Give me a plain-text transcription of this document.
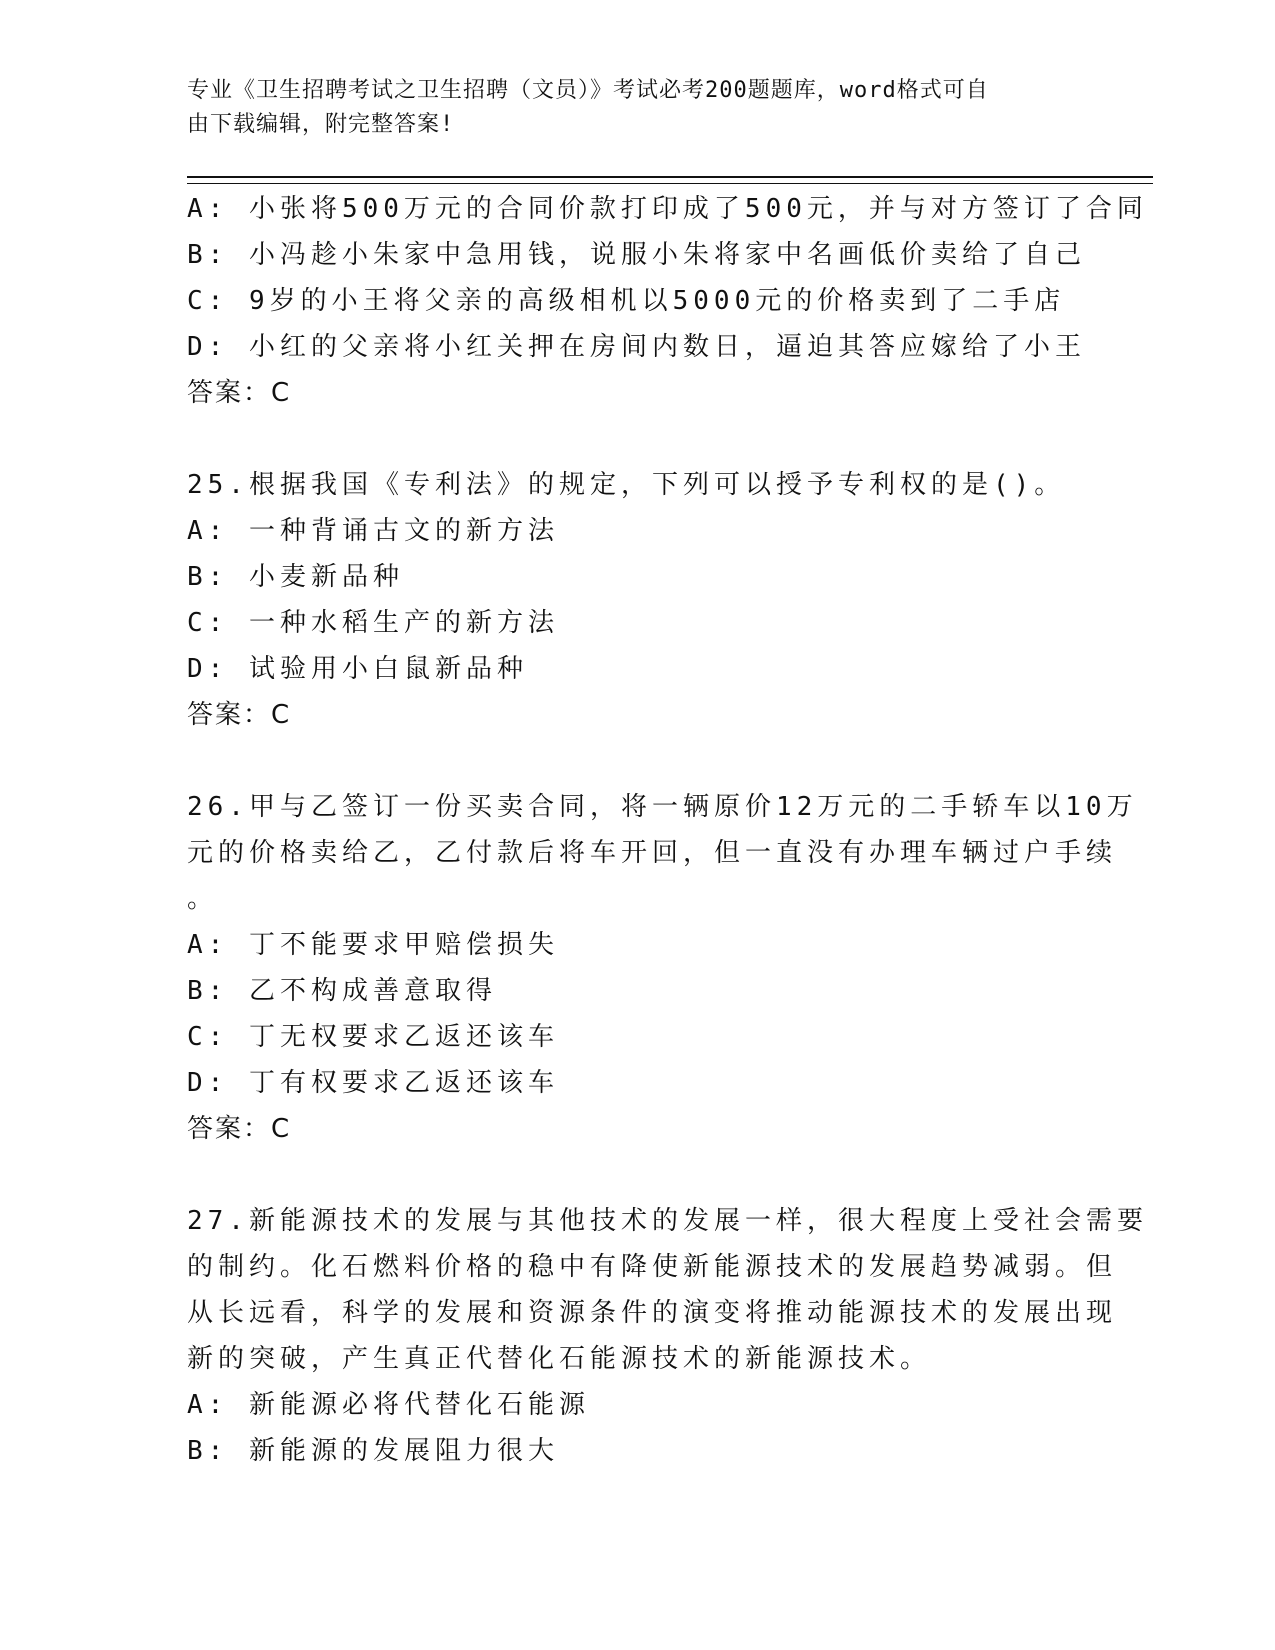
专业《卫生招聘考试之卫生招聘（文员）》考试必考200题题库，word格式可自
由下载编辑，附完整答案!
A: 小张将500万元的合同价款打印成了500元，并与对方签订了合同
B: 小冯趁小朱家中急用钱，说服小朱将家中名画低价卖给了自己
C: 9岁的小王将父亲的高级相机以5000元的价格卖到了二手店
D: 小红的父亲将小红关押在房间内数日，逼迫其答应嫁给了小王
答案：C
25.根据我国《专利法》的规定，下列可以授予专利权的是()。
A: 一种背诵古文的新方法
B: 小麦新品种
C: 一种水稻生产的新方法
D: 试验用小白鼠新品种
答案：C
26.甲与乙签订一份买卖合同，将一辆原价12万元的二手轿车以10万
元的价格卖给乙，乙付款后将车开回，但一直没有办理车辆过户手续
。
A: 丁不能要求甲赔偿损失
B: 乙不构成善意取得
C: 丁无权要求乙返还该车
D: 丁有权要求乙返还该车
答案：C
27.新能源技术的发展与其他技术的发展一样，很大程度上受社会需要
的制约。化石燃料价格的稳中有降使新能源技术的发展趋势减弱。但
从长远看，科学的发展和资源条件的演变将推动能源技术的发展出现
新的突破，产生真正代替化石能源技术的新能源技术。
A: 新能源必将代替化石能源
B: 新能源的发展阻力很大
